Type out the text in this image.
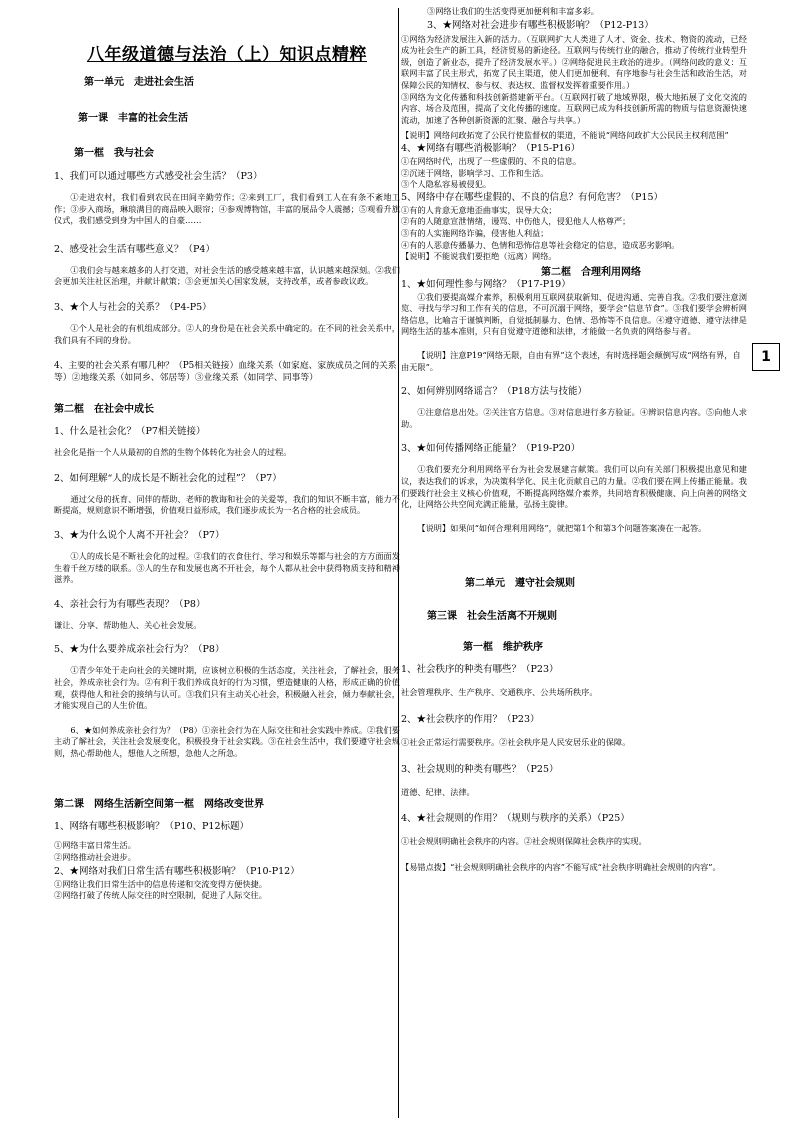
1
八年级道德与法治（上）知识点精粹
第一单元　走进社会生活
第一课　丰富的社会生活
第一框　我与社会
1、我们可以通过哪些方式感受社会生活？（P3）
①走进农村，我们看到农民在田间辛勤劳作；②来到工厂，我们看到工人在有条不紊地工作；③步入商场，琳琅满目的商品映入眼帘；④参观博物馆，丰富的展品令人震撼；⑤观看升旗仪式，我们感受到身为中国人的自豪……
2、感受社会生活有哪些意义？（P4）
①我们会与越来越多的人打交道，对社会生活的感受越来越丰富，认识越来越深刻。②我们会更加关注社区治理，并献计献策；③会更加关心国家发展，支持改革，或者参政议政。
3、★个人与社会的关系？（P4-P5）
①个人是社会的有机组成部分。②人的身份是在社会关系中确定的。在不同的社会关系中，我们具有不同的身份。
4、主要的社会关系有哪几种？（P5相关链接）血缘关系（如家庭、家族成员之间的关系等）②地缘关系（如同乡、邻居等）③业缘关系（如同学、同事等）
第二框　在社会中成长
1、什么是社会化？（P7相关链接）
社会化是指一个人从最初的自然的生物个体转化为社会人的过程。
2、如何理解“人的成长是不断社会化的过程”？（P7）
通过父母的抚育、同伴的帮助、老师的教诲和社会的关爱等，我们的知识不断丰富，能力不断提高，规则意识不断增强，价值观日益形成，我们逐步成长为一名合格的社会成员。
3、★为什么说个人离不开社会？（P7）
①人的成长是不断社会化的过程。②我们的衣食住行、学习和娱乐等都与社会的方方面面发生着千丝万缕的联系。③人的生存和发展也离不开社会，每个人都从社会中获得物质支持和精神滋养。
4、亲社会行为有哪些表现？（P8）
谦让、分享、帮助他人、关心社会发展。
5、★为什么要养成亲社会行为？（P8）
①青少年处于走向社会的关键时期，应该树立积极的生活态度，关注社会，了解社会，服务社会，养成亲社会行为。②有利于我们养成良好的行为习惯，塑造健康的人格，形成正确的价值观，获得他人和社会的接纳与认可。③我们只有主动关心社会，积极融入社会，倾力奉献社会，才能实现自己的人生价值。
6、★如何养成亲社会行为？（P8）①亲社会行为在人际交往和社会实践中养成。②我们要主动了解社会，关注社会发展变化，积极投身于社会实践。③在社会生活中，我们要遵守社会规则，热心帮助他人，想他人之所想，急他人之所急。
第二课　网络生活新空间第一框　网络改变世界
1、网络有哪些积极影响？（P10、P12标题）
①网络丰富日常生活。
②网络推动社会进步。
2、★网络对我们日常生活有哪些积极影响？（P10-P12）
①网络让我们日常生活中的信息传递和交流变得方便快捷。
②网络打破了传统人际交往的时空限制，促进了人际交往。
③网络让我们的生活变得更加便利和丰富多彩。
3、★网络对社会进步有哪些积极影响？（P12-P13）
①网络为经济发展注入新的活力。（互联网扩大人类进了人才、资金、技术、物资的流动，已经成为社会生产的新工具，经济贸易的新途径。互联网与传统行业的融合，推动了传统行业转型升级，创造了新业态，提升了经济发展水平。）②网络促进民主政治的进步。（网络问政的意义：互联网丰富了民主形式，拓宽了民主渠道，使人们更加便利、有序地参与社会生活和政治生活，对保障公民的知情权、参与权、表达权、监督权发挥着重要作用。）
③网络为文化传播和科技创新搭建新平台。（互联网打破了地域界限，极大地拓展了文化交流的内容、场合及范围，提高了文化传播的速度。互联网已成为科技创新所需的物质与信息资源快速流动，加速了各种创新资源的汇聚、融合与共享。）
【说明】网络问政拓宽了公民行使监督权的渠道，不能说“网络问政扩大公民民主权利范围”
4、★网络有哪些消极影响？（P15-P16）
①在网络时代，出现了一些虚假的、不良的信息。
②沉迷于网络，影响学习、工作和生活。
③个人隐私容易被侵犯。
5、网络中存在哪些虚假的、不良的信息？有何危害？（P15）
①有的人肯意无意地歪曲事实，误导大众；
②有的人随意宣泄情绪，谩骂、中伤他人，侵犯他人人格尊严；
③有的人实施网络诈骗，侵害他人利益；
④有的人恶意传播暴力、色情和恐怖信息等社会稳定的信息，造成恶劣影响。
【说明】不能说我们要拒绝（远离）网络。
第二框　合理利用网络
1、★如何理性参与网络？（P17-P19）
①我们要提高媒介素养，积极利用互联网获取新知、促进沟通、完善自我。②我们要注意浏览、寻找与学习和工作有关的信息，不可沉溺于网络，要学会“信息节食”。③我们要学会辨析网络信息，比喻言于谨慎判断，自觉抵制暴力、色情、恐怖等不良信息。④遵守道德、遵守法律是网络生活的基本准则，只有自觉遵守道德和法律，才能做一名负责的网络参与者。
【说明】注意P19“网络无限，自由有界”这个表述，有时选择题会颠倒写成“网络有界，自由无限”。
2、如何辨别网络谣言？（P18方法与技能）
①注意信息出处。②关注官方信息。③对信息进行多方验证。④辨识信息内容。⑤向他人求助。
3、★如何传播网络正能量？（P19-P20）
①我们要充分利用网络平台为社会发展建言献策。我们可以向有关部门积极提出意见和建议，表达我们的诉求，为决策科学化、民主化贡献自己的力量。②我们要在网上传播正能量。我们要践行社会主义核心价值观，不断提高网络媒介素养，共同培育积极健康、向上向善的网络文化，让网络公共空间充满正能量，弘扬主旋律。
【说明】如果问“如何合理利用网络”，就把第1个和第3个问题答案凑在一起答。
第二单元　遵守社会规则
第三课　社会生活离不开规则
第一框　维护秩序
1、社会秩序的种类有哪些？（P23）
社会管理秩序、生产秩序、交通秩序、公共场所秩序。
2、★社会秩序的作用？（P23）
①社会正常运行需要秩序。②社会秩序是人民安居乐业的保障。
3、社会规则的种类有哪些？（P25）
道德、纪律、法律。
4、★社会规则的作用？（规则与秩序的关系）（P25）
①社会规则明确社会秩序的内容。②社会规则保障社会秩序的实现。
【易错点拨】“社会规则明确社会秩序的内容”不能写成“社会秩序明确社会规则的内容”。
